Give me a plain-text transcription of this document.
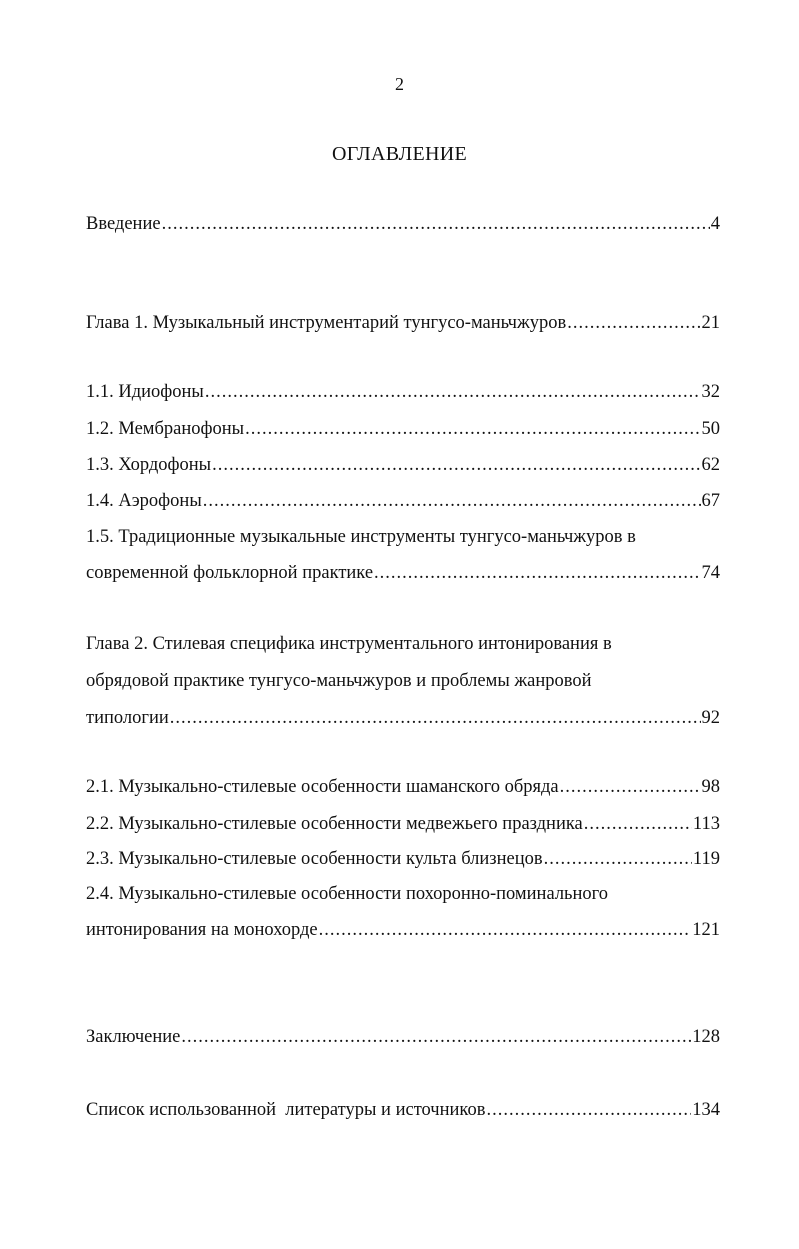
2
ОГЛАВЛЕНИЕ
Введение .....	4
Глава 1. Музыкальный инструментарий тунгусо-маньчжуров .....	21
1.1. Идиофоны .....	32
1.2. Мембранофоны .....	50
1.3. Хордофоны .....	62
1.4. Аэрофоны .....	67
1.5. Традиционные музыкальные инструменты тунгусо-маньчжуров в
современной фольклорной практике .....	74
Глава 2. Стилевая специфика инструментального интонирования в
обрядовой практике тунгусо-маньчжуров и проблемы жанровой
типологии .....	92
2.1. Музыкально-стилевые особенности шаманского обряда .....	98
2.2. Музыкально-стилевые особенности медвежьего праздника .....	113
2.3. Музыкально-стилевые особенности культа близнецов .....	119
2.4. Музыкально-стилевые особенности похоронно-поминального
интонирования на монохорде .....	121
Заключение .....	128
Список использованной  литературы и источников .....	134
